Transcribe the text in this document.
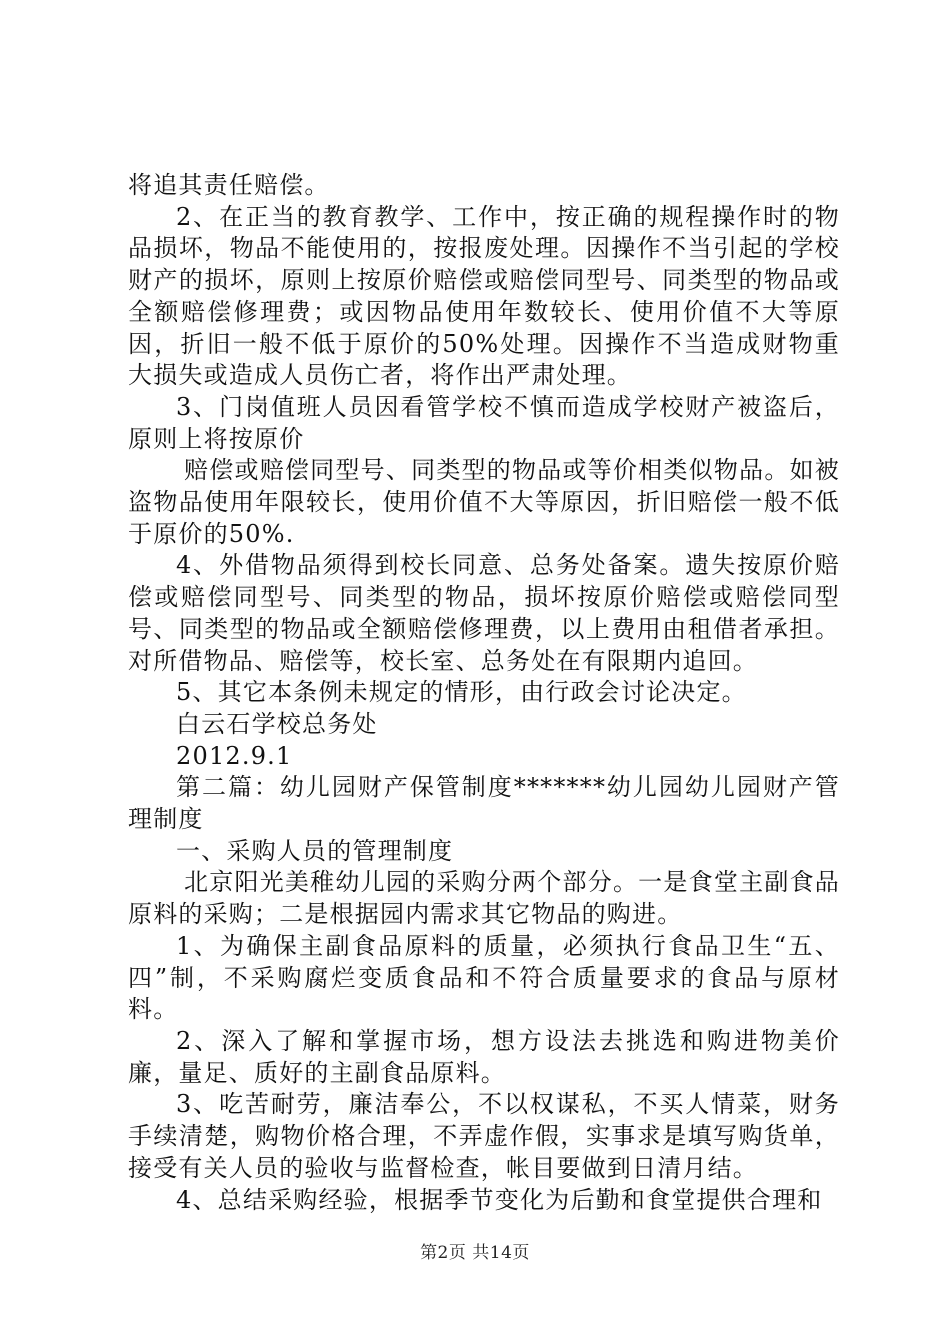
将追其责任赔偿。

2、在正当的教育教学、工作中，按正确的规程操作时的物品损坏，物品不能使用的，按报废处理。因操作不当引起的学校财产的损坏，原则上按原价赔偿或赔偿同型号、同类型的物品或全额赔偿修理费；或因物品使用年数较长、使用价值不大等原因，折旧一般不低于原价的50%处理。因操作不当造成财物重大损失或造成人员伤亡者，将作出严肃处理。

3、门岗值班人员因看管学校不慎而造成学校财产被盗后，原则上将按原价

赔偿或赔偿同型号、同类型的物品或等价相类似物品。如被盗物品使用年限较长，使用价值不大等原因，折旧赔偿一般不低于原价的50%.

4、外借物品须得到校长同意、总务处备案。遗失按原价赔偿或赔偿同型号、同类型的物品，损坏按原价赔偿或赔偿同型号、同类型的物品或全额赔偿修理费，以上费用由租借者承担。对所借物品、赔偿等，校长室、总务处在有限期内追回。

5、其它本条例未规定的情形，由行政会讨论决定。

白云石学校总务处

2012.9.1

第二篇：幼儿园财产保管制度*******幼儿园幼儿园财产管理制度

一、采购人员的管理制度

北京阳光美稚幼儿园的采购分两个部分。一是食堂主副食品原料的采购；二是根据园内需求其它物品的购进。

1、为确保主副食品原料的质量，必须执行食品卫生“五、四”制，不采购腐烂变质食品和不符合质量要求的食品与原材料。

2、深入了解和掌握市场，想方设法去挑选和购进物美价廉，量足、质好的主副食品原料。

3、吃苦耐劳，廉洁奉公，不以权谋私，不买人情菜，财务手续清楚，购物价格合理，不弄虚作假，实事求是填写购货单，接受有关人员的验收与监督检查，帐目要做到日清月结。

4、总结采购经验，根据季节变化为后勤和食堂提供合理和

第2页 共14页
